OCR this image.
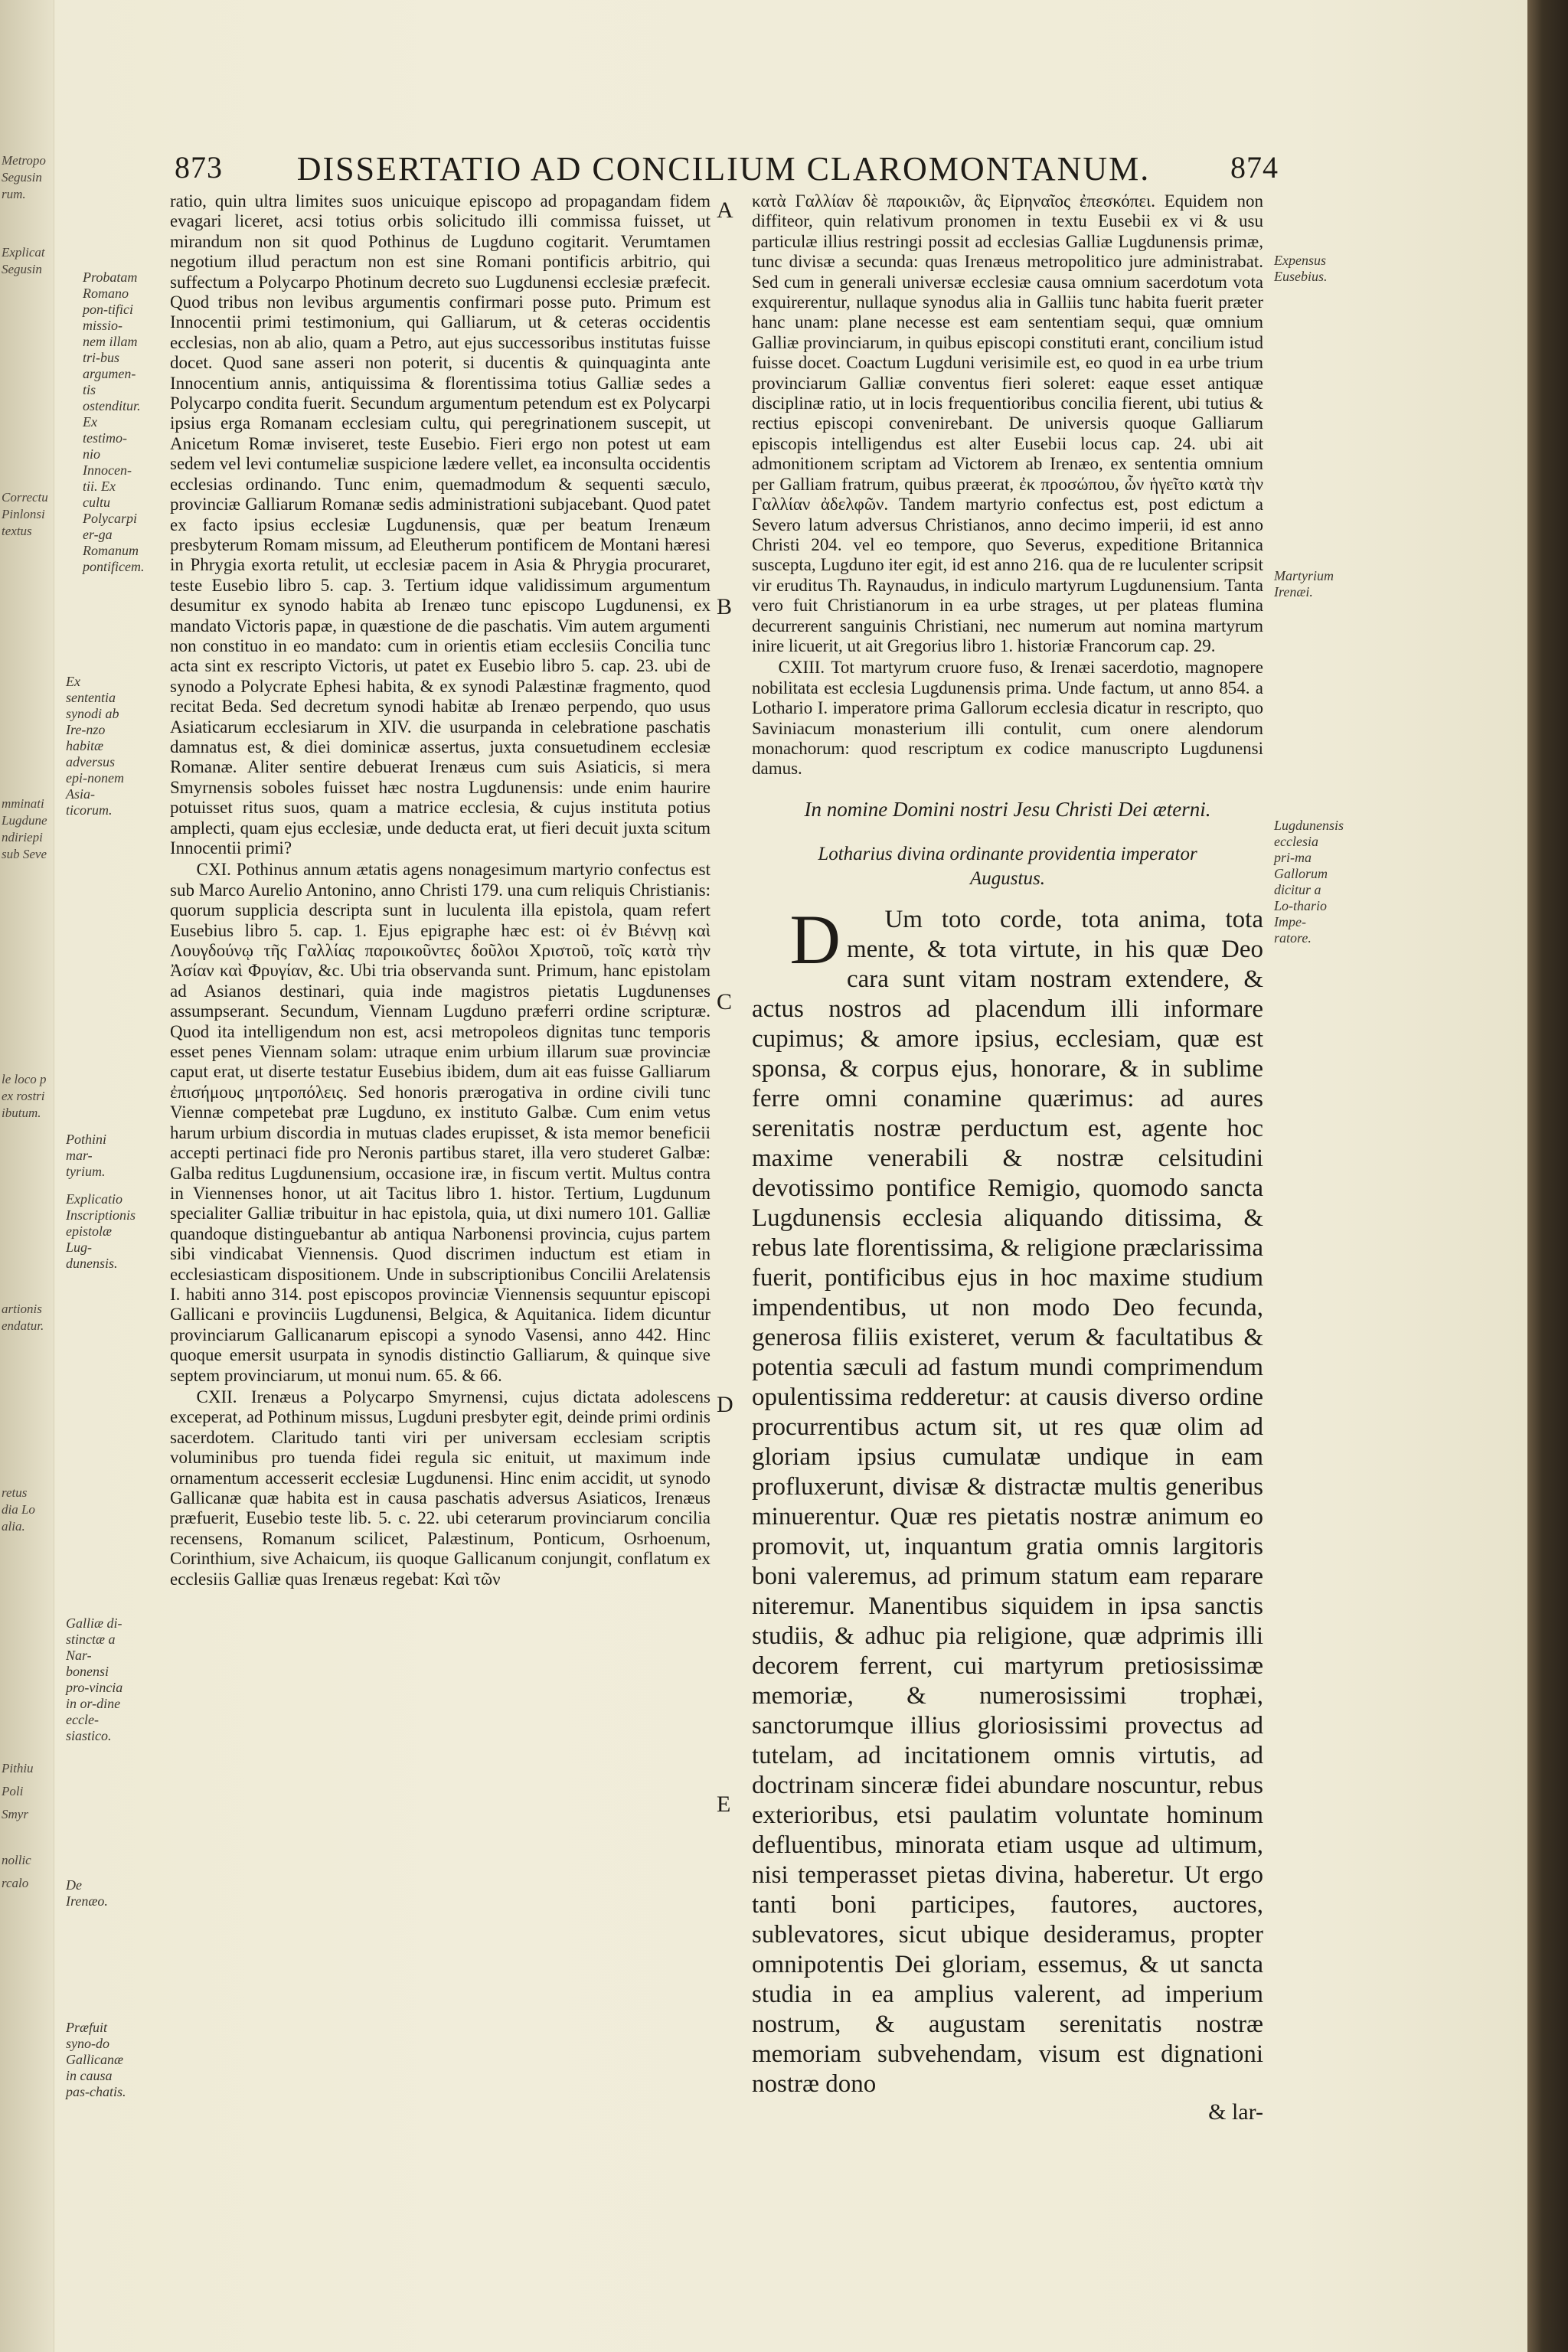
Metropo
Segusin
rum.
Explicat
Segusin
Correctu
Pinlonsi
textus
mminati
Lugdune
ndiriepi
sub Seve
le loco p
ex rostri
ibutum.
artionis
endatur.
retus
dia Lo
alia.
Pithiu
Poli
Smyr
nollic
rcalo
873	DISSERTATIO AD CONCILIUM CLAROMONTANUM.	874
Probatam Romano pon-tifici missio-nem illam tri-bus argumen-tis ostenditur. Ex testimo-nio Innocen-tii. Ex cultu Polycarpi er-ga Romanum pontificem.
Ex sententia synodi ab Ire-nzo habitæ adversus epi-nonem Asia-ticorum.
Pothini mar-tyrium.
Explicatio Inscriptionis epistolæ Lug-dunensis.
Galliæ di-stinctæ a Nar-bonensi pro-vincia in or-dine eccle-siastico.
De Irenæo.
Præfuit syno-do Gallicanæ in causa pas-chatis.
Expensus Eusebius.
Martyrium Irenæi.
Lugdunensis ecclesia pri-ma Gallorum dicitur a Lo-thario Impe-ratore.
A
B
C
D
E

ratio, quin ultra limites suos unicuique episcopo ad propagandam fidem evagari liceret, acsi totius orbis solicitudo illi commissa fuisset, ut mirandum non sit quod Pothinus de Lugduno cogitarit. Verumtamen negotium illud peractum non est sine Romani pontificis arbitrio, qui suffectum a Polycarpo Photinum decreto suo Lugdunensi ecclesiæ præfecit. Quod tribus non levibus argumentis confirmari posse puto. Primum est Innocentii primi testimonium, qui Galliarum, ut & ceteras occidentis ecclesias, non ab alio, quam a Petro, aut ejus successoribus institutas fuisse docet. Quod sane asseri non poterit, si ducentis & quinquaginta ante Innocentium annis, antiquissima & florentissima totius Galliæ sedes a Polycarpo condita fuerit. Secundum argumentum petendum est ex Polycarpi ipsius erga Romanam ecclesiam cultu, qui peregrinationem suscepit, ut Anicetum Romæ inviseret, teste Eusebio. Fieri ergo non potest ut eam sedem vel levi contumeliæ suspicione lædere vellet, ea inconsulta occidentis ecclesias ordinando. Tunc enim, quemadmodum & sequenti sæculo, provinciæ Galliarum Romanæ sedis administrationi subjacebant. Quod patet ex facto ipsius ecclesiæ Lugdunensis, quæ per beatum Irenæum presbyterum Romam missum, ad Eleutherum pontificem de Montani hæresi in Phrygia exorta retulit, ut ecclesiæ pacem in Asia & Phrygia procuraret, teste Eusebio libro 5. cap. 3. Tertium idque validissimum argumentum desumitur ex synodo habita ab Irenæo tunc episcopo Lugdunensi, ex mandato Victoris papæ, in quæstione de die paschatis. Vim autem argumenti non constituo in eo mandato: cum in orientis etiam ecclesiis Concilia tunc acta sint ex rescripto Victoris, ut patet ex Eusebio libro 5. cap. 23. ubi de synodo a Polycrate Ephesi habita, & ex synodi Palæstinæ fragmento, quod recitat Beda. Sed decretum synodi habitæ ab Irenæo perpendo, quo usus Asiaticarum ecclesiarum in XIV. die usurpanda in celebratione paschatis damnatus est, & diei dominicæ assertus, juxta consuetudinem ecclesiæ Romanæ. Aliter sentire debuerat Irenæus cum suis Asiaticis, si mera Smyrnensis soboles fuisset hæc nostra Lugdunensis: unde enim haurire potuisset ritus suos, quam a matrice ecclesia, & cujus instituta potius amplecti, quam ejus ecclesiæ, unde deducta erat, ut fieri decuit juxta scitum Innocentii primi?

CXI. Pothinus annum ætatis agens nonagesimum martyrio confectus est sub Marco Aurelio Antonino, anno Christi 179. una cum reliquis Christianis: quorum supplicia descripta sunt in luculenta illa epistola, quam refert Eusebius libro 5. cap. 1. Ejus epigraphe hæc est: οἱ ἐν Βιέννῃ καὶ Λουγδούνῳ τῆς Γαλλίας παροικοῦντες δοῦλοι Χριστοῦ, τοῖς κατὰ τὴν Ἀσίαν καὶ Φρυγίαν, &c. Ubi tria observanda sunt. Primum, hanc epistolam ad Asianos destinari, quia inde magistros pietatis Lugdunenses assumpserant. Secundum, Viennam Lugduno præferri ordine scripturæ. Quod ita intelligendum non est, acsi metropoleos dignitas tunc temporis esset penes Viennam solam: utraque enim urbium illarum suæ provinciæ caput erat, ut diserte testatur Eusebius ibidem, dum ait eas fuisse Galliarum ἐπισήμους μητροπόλεις. Sed honoris prærogativa in ordine civili tunc Viennæ competebat præ Lugduno, ex instituto Galbæ. Cum enim vetus harum urbium discordia in mutuas clades erupisset, & ista memor beneficii accepti pertinaci fide pro Neronis partibus staret, illa vero studeret Galbæ: Galba reditus Lugdunensium, occasione iræ, in fiscum vertit. Multus contra in Viennenses honor, ut ait Tacitus libro 1. histor. Tertium, Lugdunum specialiter Galliæ tribuitur in hac epistola, quia, ut dixi numero 101. Galliæ quandoque distinguebantur ab antiqua Narbonensi provincia, cujus partem sibi vindicabat Viennensis. Quod discrimen inductum est etiam in ecclesiasticam dispositionem. Unde in subscriptionibus Concilii Arelatensis I. habiti anno 314. post episcopos provinciæ Viennensis sequuntur episcopi Gallicani e provinciis Lugdunensi, Belgica, & Aquitanica. Iidem dicuntur provinciarum Gallicanarum episcopi a synodo Vasensi, anno 442. Hinc quoque emersit usurpata in synodis distinctio Galliarum, & quinque sive septem provinciarum, ut monui num. 65. & 66.

CXII. Irenæus a Polycarpo Smyrnensi, cujus dictata adolescens exceperat, ad Pothinum missus, Lugduni presbyter egit, deinde primi ordinis sacerdotem. Claritudo tanti viri per universam ecclesiam scriptis voluminibus pro tuenda fidei regula sic enituit, ut maximum inde ornamentum accesserit ecclesiæ Lugdunensi. Hinc enim accidit, ut synodo Gallicanæ quæ habita est in causa paschatis adversus Asiaticos, Irenæus præfuerit, Eusebio teste lib. 5. c. 22. ubi ceterarum provinciarum concilia recensens, Romanum scilicet, Palæstinum, Ponticum, Osrhoenum, Corinthium, sive Achaicum, iis quoque Gallicanum conjungit, conflatum ex ecclesiis Galliæ quas Irenæus regebat: Καὶ τῶν

κατὰ Γαλλίαν δὲ παροικιῶν, ἃς Εἰρηναῖος ἐπεσκόπει. Equidem non diffiteor, quin relativum pronomen in textu Eusebii ex vi & usu particulæ illius restringi possit ad ecclesias Galliæ Lugdunensis primæ, tunc divisæ a secunda: quas Irenæus metropolitico jure administrabat. Sed cum in generali universæ ecclesiæ causa omnium sacerdotum vota exquirerentur, nullaque synodus alia in Galliis tunc habita fuerit præter hanc unam: plane necesse est eam sententiam sequi, quæ omnium Galliæ provinciarum, in quibus episcopi constituti erant, concilium istud fuisse docet. Coactum Lugduni verisimile est, eo quod in ea urbe trium provinciarum Galliæ conventus fieri soleret: eaque esset antiquæ disciplinæ ratio, ut in locis frequentioribus concilia fierent, ubi tutius & rectius episcopi convenirebant. De universis quoque Galliarum episcopis intelligendus est alter Eusebii locus cap. 24. ubi ait admonitionem scriptam ad Victorem ab Irenæo, ex sententia omnium per Galliam fratrum, quibus præerat, ἐκ προσώπου, ὧν ἡγεῖτο κατὰ τὴν Γαλλίαν ἀδελφῶν. Tandem martyrio confectus est, post edictum a Severo latum adversus Christianos, anno decimo imperii, id est anno Christi 204. vel eo tempore, quo Severus, expeditione Britannica suscepta, Lugduno iter egit, id est anno 216. qua de re luculenter scripsit vir eruditus Th. Raynaudus, in indiculo martyrum Lugdunensium. Tanta vero fuit Christianorum in ea urbe strages, ut per plateas flumina decurrerent sanguinis Christiani, nec numerum aut nomina martyrum inire licuerit, ut ait Gregorius libro 1. historiæ Francorum cap. 29.

CXIII. Tot martyrum cruore fuso, & Irenæi sacerdotio, magnopere nobilitata est ecclesia Lugdunensis prima. Unde factum, ut anno 854. a Lothario I. imperatore prima Gallorum ecclesia dicatur in rescripto, quo Saviniacum monasterium illi contulit, cum onere alendorum monachorum: quod rescriptum ex codice manuscripto Lugdunensi damus.

In nomine Domini nostri Jesu Christi Dei æterni.
Lotharius divina ordinante providentia imperator Augustus.

D Um toto corde, tota anima, tota mente, & tota virtute, in his quæ Deo cara sunt vitam nostram extendere, & actus nostros ad placendum illi informare cupimus; & amore ipsius, ecclesiam, quæ est sponsa, & corpus ejus, honorare, & in sublime ferre omni conamine quærimus: ad aures serenitatis nostræ perductum est, agente hoc maxime venerabili & nostræ celsitudini devotissimo pontifice Remigio, quomodo sancta Lugdunensis ecclesia aliquando ditissima, & rebus late florentissima, & religione præclarissima fuerit, pontificibus ejus in hoc maxime studium impendentibus, ut non modo Deo fecunda, generosa filiis existeret, verum & facultatibus & potentia sæculi ad fastum mundi comprimendum opulentissima redderetur: at causis diverso ordine procurrentibus actum sit, ut res quæ olim ad gloriam ipsius cumulatæ undique in eam profluxerunt, divisæ & distractæ multis generibus minuerentur. Quæ res pietatis nostræ animum eo promovit, ut, inquantum gratia omnis largitoris boni valeremus, ad primum statum eam reparare niteremur. Manentibus siquidem in ipsa sanctis studiis, & adhuc pia religione, quæ adprimis illi decorem ferrent, cui martyrum pretiosissimæ memoriæ, & numerosissimi trophæi, sanctorumque illius gloriosissimi provectus ad tutelam, ad incitationem omnis virtutis, ad doctrinam sinceræ fidei abundare noscuntur, rebus exterioribus, etsi paulatim voluntate hominum defluentibus, minorata etiam usque ad ultimum, nisi temperasset pietas divina, haberetur. Ut ergo tanti boni participes, fautores, auctores, sublevatores, sicut ubique desideramus, propter omnipotentis Dei gloriam, essemus, & ut sancta studia in ea amplius valerent, ad imperium nostrum, & augustam serenitatis nostræ memoriam subvehendam, visum est dignationi nostræ dono

& lar-
